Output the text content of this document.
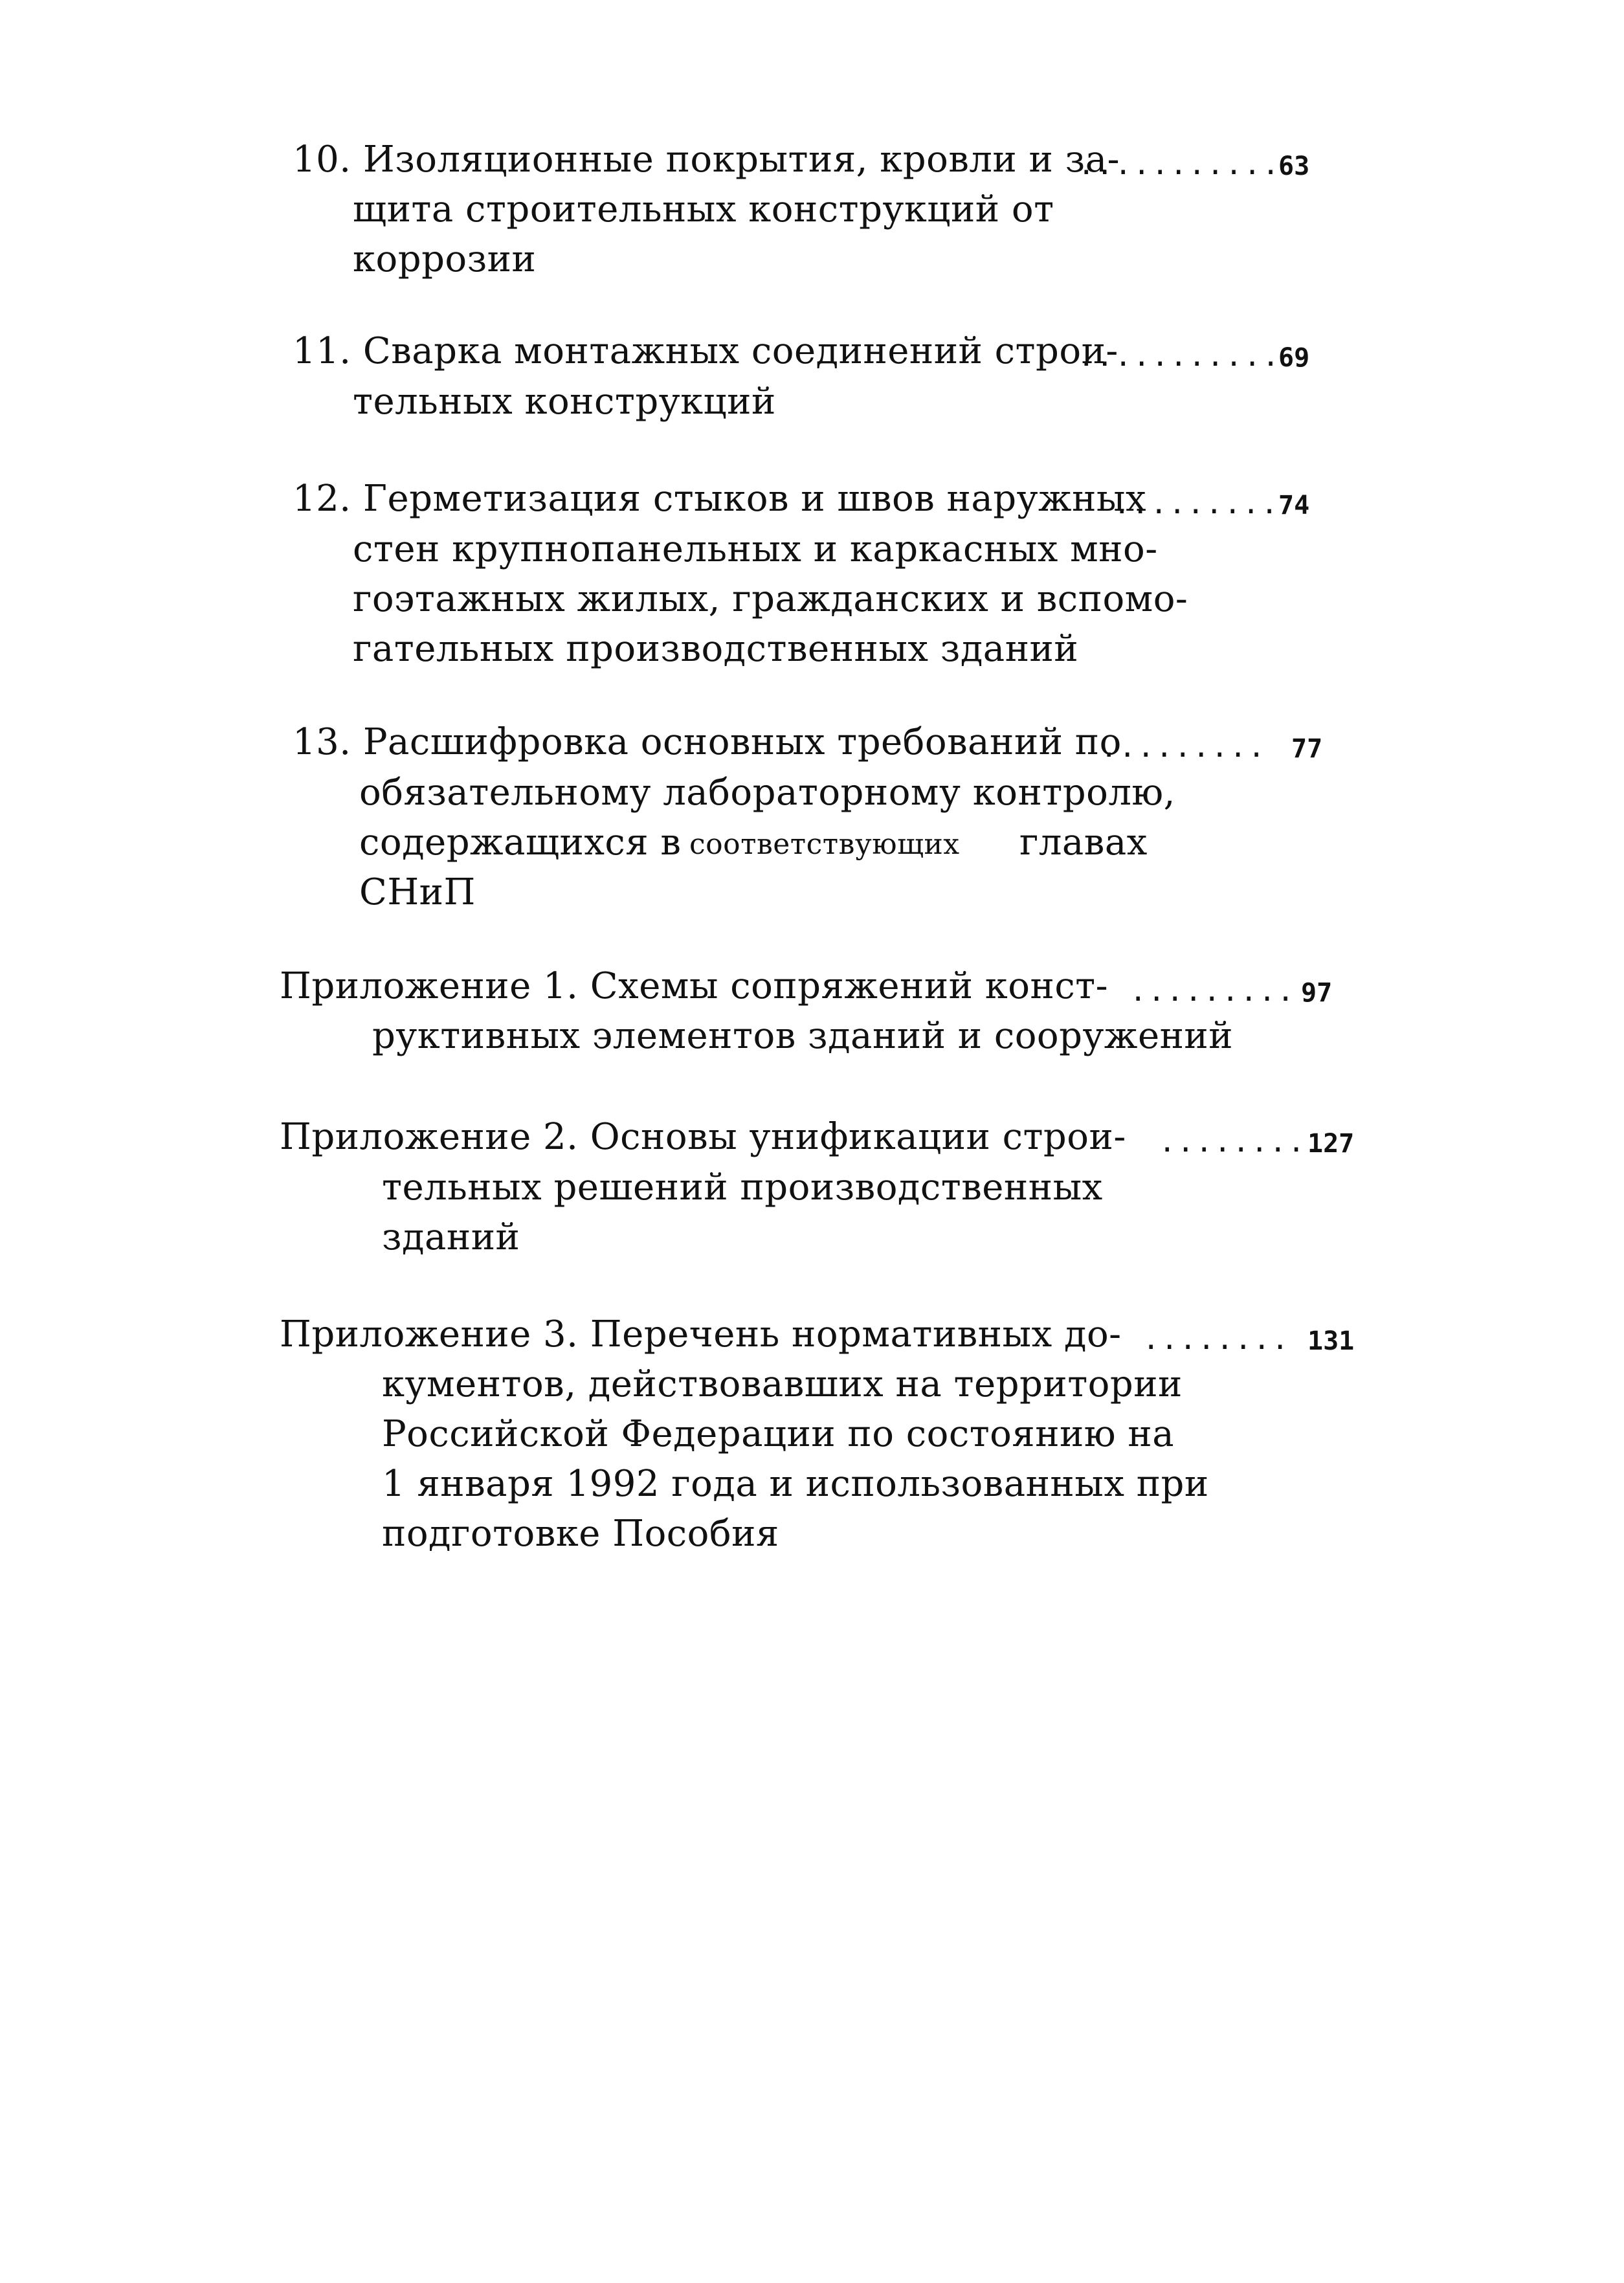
10. Изоляционные покрытия, кровли и за-
щита строительных конструкций от
коррозии
...........
63
11. Сварка монтажных соединений строи-
тельных конструкций
...........
69
12. Герметизация стыков и швов наружных
стен крупнопанельных и каркасных мно-
гоэтажных жилых, гражданских и вспомо-
гательных производственных зданий
.........
74
13. Расшифровка основных требований по
обязательному лабораторному контролю,
содержащихся в соответствующих главах
СНиП
......... 77
Приложение 1. Схемы сопряжений конст-
руктивных элементов зданий и сооружений
......... 97
Приложение 2. Основы унификации строи-
тельных решений производственных
зданий
........ 127
Приложение 3. Перечень нормативных до-
кументов, действовавших на территории
Российской Федерации по состоянию на
1 января 1992 года и использованных при
подготовке Пособия
........ 131
